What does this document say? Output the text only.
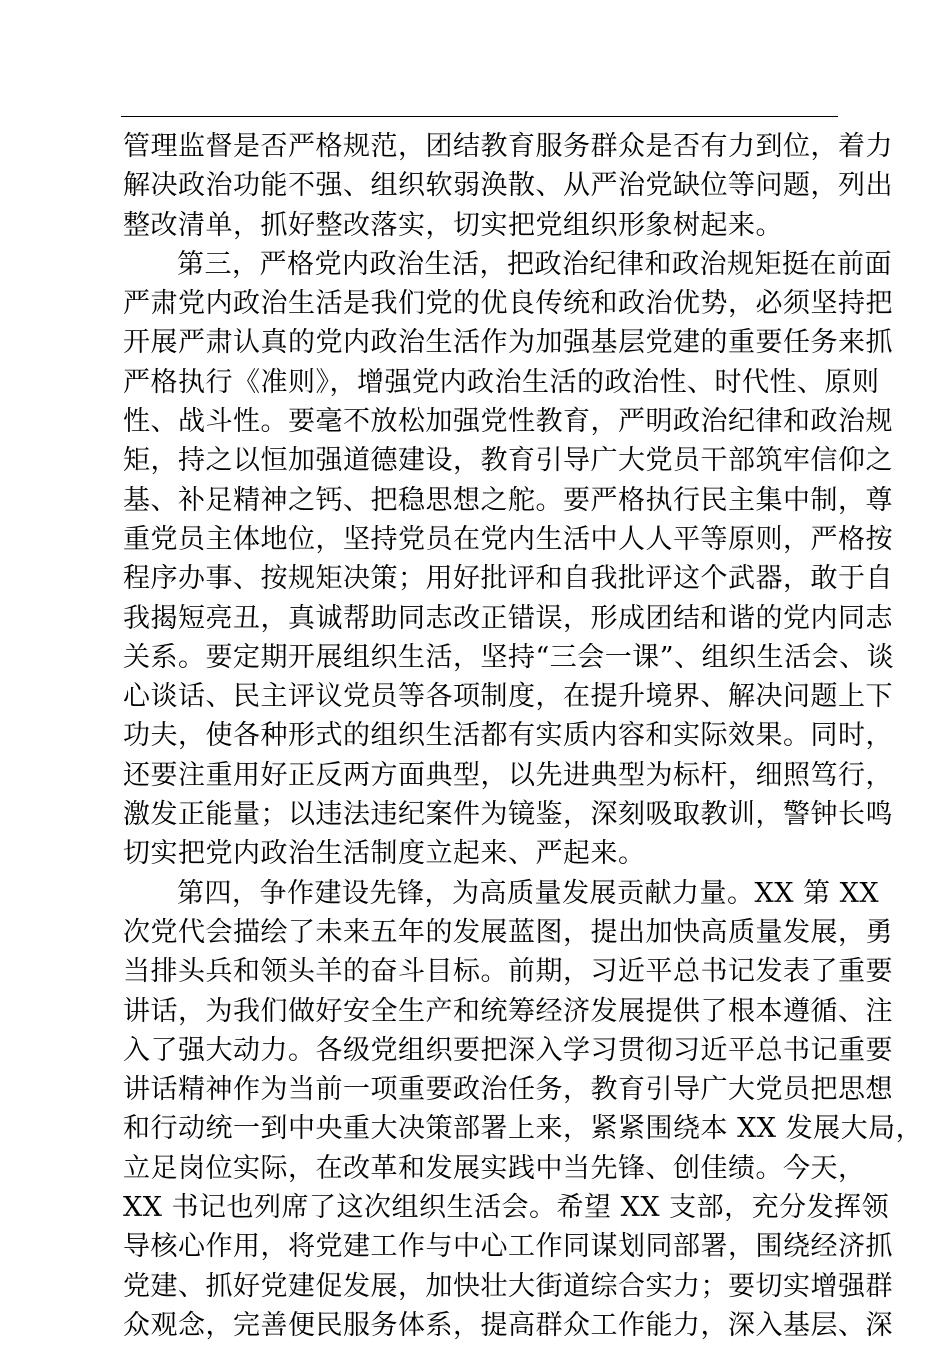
管理监督是否严格规范，团结教育服务群众是否有力到位，着力
解决政治功能不强、组织软弱涣散、从严治党缺位等问题，列出
整改清单，抓好整改落实，切实把党组织形象树起来。
第三，严格党内政治生活，把政治纪律和政治规矩挺在前面
严肃党内政治生活是我们党的优良传统和政治优势，必须坚持把
开展严肃认真的党内政治生活作为加强基层党建的重要任务来抓
严格执行《准则》，增强党内政治生活的政治性、时代性、原则
性、战斗性。要毫不放松加强党性教育，严明政治纪律和政治规
矩，持之以恒加强道德建设，教育引导广大党员干部筑牢信仰之
基、补足精神之钙、把稳思想之舵。要严格执行民主集中制，尊
重党员主体地位，坚持党员在党内生活中人人平等原则，严格按
程序办事、按规矩决策；用好批评和自我批评这个武器，敢于自
我揭短亮丑，真诚帮助同志改正错误，形成团结和谐的党内同志
关系。要定期开展组织生活，坚持“三会一课”、组织生活会、谈
心谈话、民主评议党员等各项制度，在提升境界、解决问题上下
功夫，使各种形式的组织生活都有实质内容和实际效果。同时，
还要注重用好正反两方面典型，以先进典型为标杆，细照笃行，
激发正能量；以违法违纪案件为镜鉴，深刻吸取教训，警钟长鸣
切实把党内政治生活制度立起来、严起来。
第四，争作建设先锋，为高质量发展贡献力量。XX 第 XX
次党代会描绘了未来五年的发展蓝图，提出加快高质量发展，勇
当排头兵和领头羊的奋斗目标。前期，习近平总书记发表了重要
讲话，为我们做好安全生产和统筹经济发展提供了根本遵循、注
入了强大动力。各级党组织要把深入学习贯彻习近平总书记重要
讲话精神作为当前一项重要政治任务，教育引导广大党员把思想
和行动统一到中央重大决策部署上来，紧紧围绕本 XX 发展大局，
立足岗位实际，在改革和发展实践中当先锋、创佳绩。今天，
XX 书记也列席了这次组织生活会。希望 XX 支部，充分发挥领
导核心作用，将党建工作与中心工作同谋划同部署，围绕经济抓
党建、抓好党建促发展，加快壮大街道综合实力；要切实增强群
众观念，完善便民服务体系，提高群众工作能力，深入基层、深
